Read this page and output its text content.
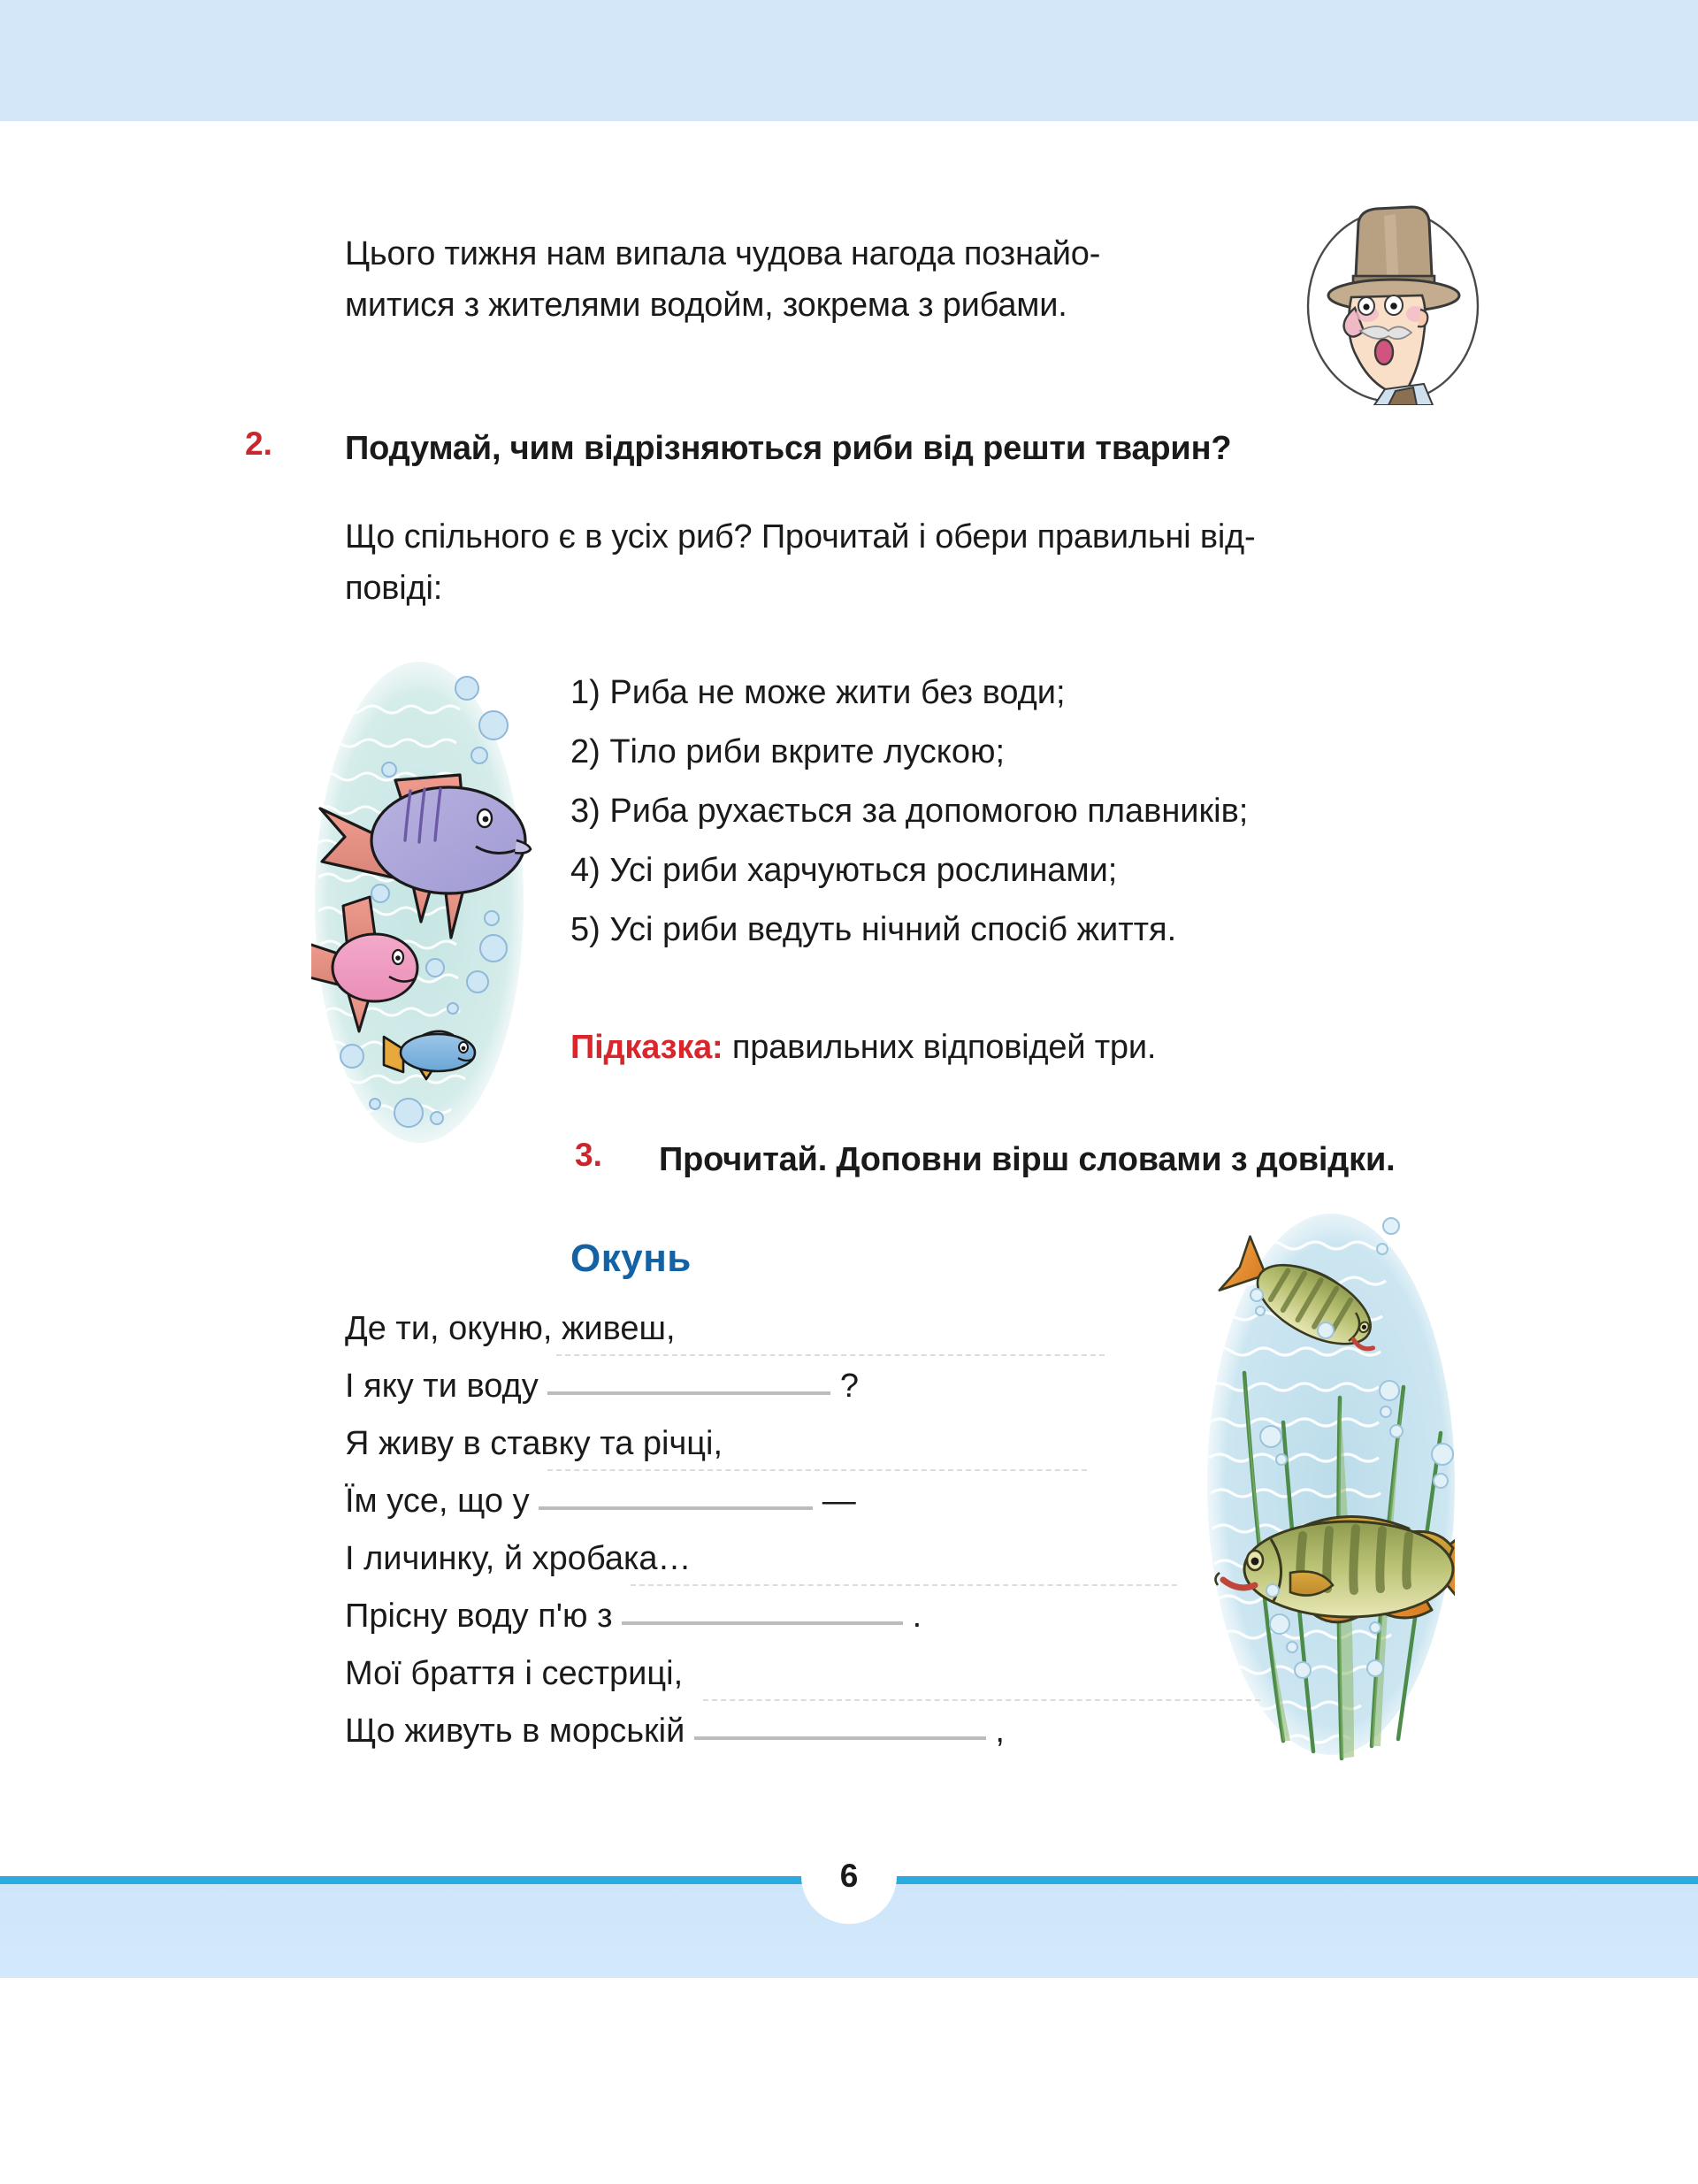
Цього тижня нам випала чудова нагода познайо-
митися з жителями водойм, зокрема з рибами.
2. Подумай, чим відрізняються риби від решти тварин?
Що спільного є в усіх риб? Прочитай і обери правильні від-
повіді:
1) Риба не може жити без води;
2) Тіло риби вкрите лускою;
3) Риба рухається за допомогою плавників;
4) Усі риби харчуються рослинами;
5) Усі риби ведуть нічний спосіб життя.
Підказка: правильних відповідей три.
3. Прочитай. Доповни вірш словами з довідки.
Окунь
Де ти, окуню, живеш,
І яку ти воду	?
Я живу в ставку та річці,
Їм усе, що у	—
І личинку, й хробака…
Прісну воду п'ю з	.
Мої браття і сестриці,
Що живуть в морській	,
6
